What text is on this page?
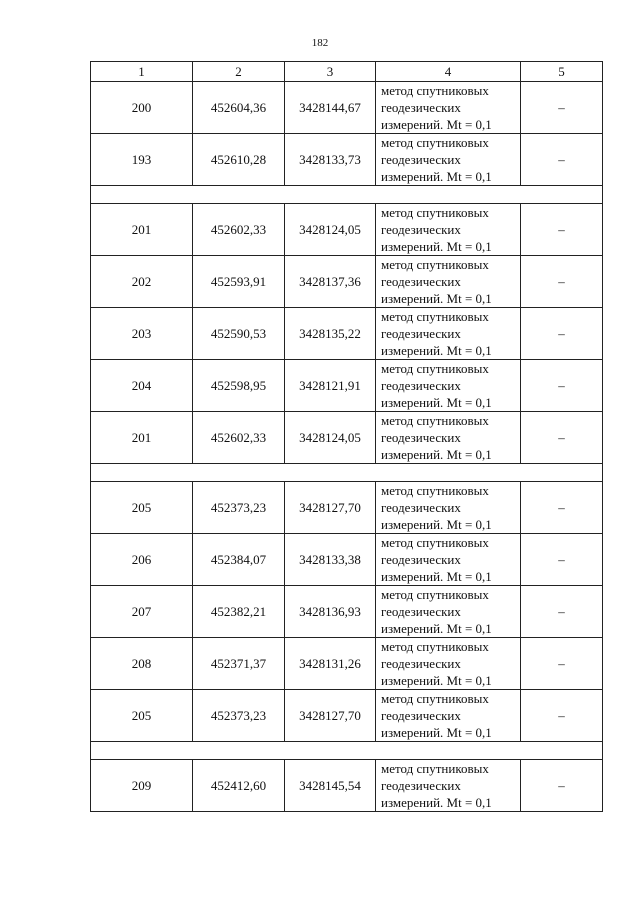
182
1	2	3	4	5
200	452604,36	3428144,67	метод спутниковых
геодезических
измерений. Mt = 0,1	–
193	452610,28	3428133,73	метод спутниковых
геодезических
измерений. Mt = 0,1	–

201	452602,33	3428124,05	метод спутниковых
геодезических
измерений. Mt = 0,1	–
202	452593,91	3428137,36	метод спутниковых
геодезических
измерений. Mt = 0,1	–
203	452590,53	3428135,22	метод спутниковых
геодезических
измерений. Mt = 0,1	–
204	452598,95	3428121,91	метод спутниковых
геодезических
измерений. Mt = 0,1	–
201	452602,33	3428124,05	метод спутниковых
геодезических
измерений. Mt = 0,1	–

205	452373,23	3428127,70	метод спутниковых
геодезических
измерений. Mt = 0,1	–
206	452384,07	3428133,38	метод спутниковых
геодезических
измерений. Mt = 0,1	–
207	452382,21	3428136,93	метод спутниковых
геодезических
измерений. Mt = 0,1	–
208	452371,37	3428131,26	метод спутниковых
геодезических
измерений. Mt = 0,1	–
205	452373,23	3428127,70	метод спутниковых
геодезических
измерений. Mt = 0,1	–

209	452412,60	3428145,54	метод спутниковых
геодезических
измерений. Mt = 0,1	–
